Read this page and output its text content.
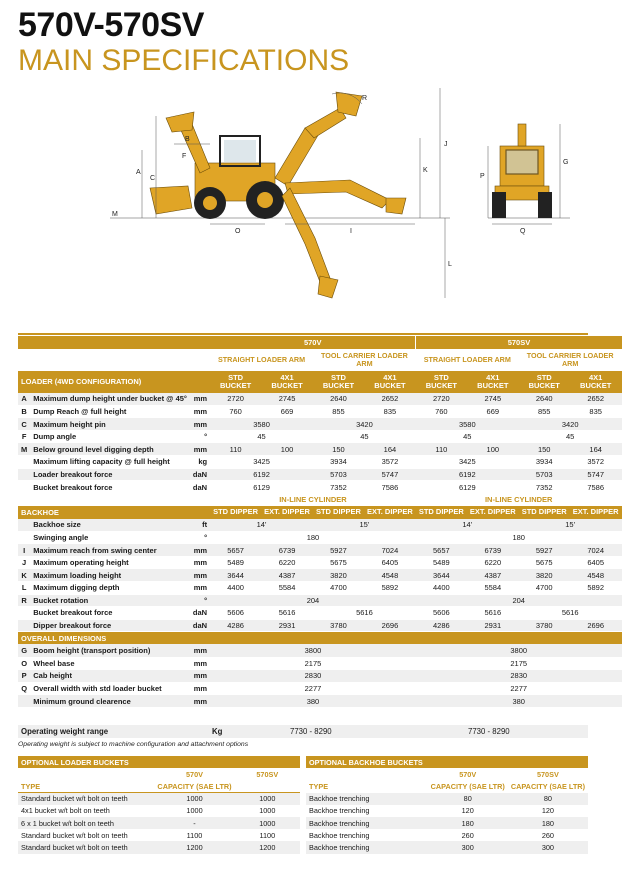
570V-570SV
MAIN SPECIFICATIONS
A
C
B
F
M
O	I
R
J
K
L
P
G
Q
			570V				570SV			
			STRAIGHT LOADER ARM		TOOL CARRIER LOADER ARM		STRAIGHT LOADER ARM		TOOL CARRIER LOADER ARM	
LOADER (4WD CONFIGURATION)			STD BUCKET	4X1 BUCKET	STD BUCKET	4X1 BUCKET	STD BUCKET	4X1 BUCKET	STD BUCKET	4X1 BUCKET
A	Maximum dump height under bucket @ 45°	mm	2720	2745	2640	2652	2720	2745	2640	2652
B	Dump Reach @ full height	mm	760	669	855	835	760	669	855	835
C	Maximum height pin	mm	3580		3420		3580		3420	
F	Dump angle	°	45		45		45		45	
M	Below ground level digging depth	mm	110	100	150	164	110	100	150	164
	Maximum lifting capacity @ full height	kg	3425		3934	3572	3425		3934	3572
	Loader breakout force	daN	6192		5703	5747	6192		5703	5747
	Bucket breakout force	daN	6129		7352	7586	6129		7352	7586
			IN-LINE CYLINDER				IN-LINE CYLINDER			
BACKHOE			STD DIPPER	EXT. DIPPER	STD DIPPER	EXT. DIPPER	STD DIPPER	EXT. DIPPER	STD DIPPER	EXT. DIPPER
	Backhoe size	ft	14'		15'		14'		15'	
	Swinging angle	°	180				180			
I	Maximum reach from swing center	mm	5657	6739	5927	7024	5657	6739	5927	7024
J	Maximum operating height	mm	5489	6220	5675	6405	5489	6220	5675	6405
K	Maximum loading height	mm	3644	4387	3820	4548	3644	4387	3820	4548
L	Maximum digging depth	mm	4400	5584	4700	5892	4400	5584	4700	5892
R	Bucket rotation	°	204				204			
	Bucket breakout force	daN	5606	5616	5616		5606	5616	5616	
	Dipper breakout force	daN	4286	2931	3780	2696	4286	2931	3780	2696
OVERALL DIMENSIONS										
G	Boom height (transport position)	mm	3800				3800			
O	Wheel base	mm	2175				2175			
P	Cab height	mm	2830				2830			
Q	Overall width with std loader bucket	mm	2277				2277			
	Minimum ground clearence	mm	380				380			
Operating weight range	Kg	7730 - 8290	7730 - 8290
Operating weight is subject to machine configuration and attachment options
OPTIONAL LOADER BUCKETS		
	570V	570SV
TYPE	CAPACITY (SAE LTR)	
Standard bucket w/t bolt on teeth	1000	1000
4x1 bucket w/t bolt on teeth	1000	1000
6 x 1 bucket w/t bolt on teeth	-	1000
Standard bucket w/t bolt on teeth	1100	1100
Standard bucket w/t bolt on teeth	1200	1200
OPTIONAL BACKHOE BUCKETS		
	570V	570SV
TYPE	CAPACITY (SAE LTR)	CAPACITY (SAE LTR)
Backhoe trenching	80	80
Backhoe trenching	120	120
Backhoe trenching	180	180
Backhoe trenching	260	260
Backhoe trenching	300	300
